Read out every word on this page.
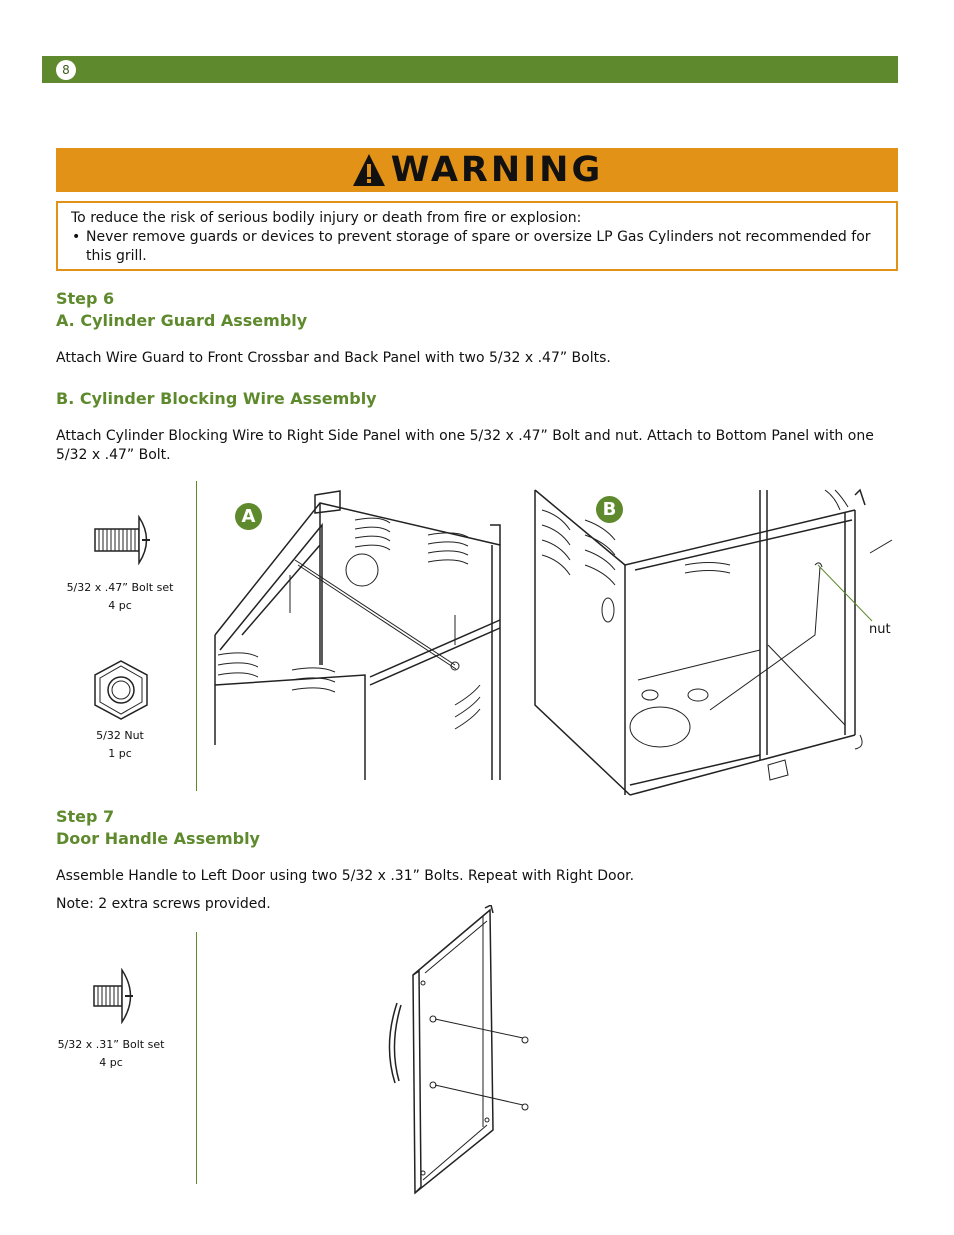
8
WARNING
To reduce the risk of serious bodily injury or death from fire or explosion:
• Never remove guards or devices to prevent storage of spare or oversize LP Gas Cylinders not recommended for this grill.
Step 6
A. Cylinder Guard Assembly
Attach Wire Guard to Front Crossbar and Back Panel with two 5/32 x .47” Bolts.
B. Cylinder Blocking Wire Assembly
Attach Cylinder Blocking Wire to Right Side Panel with one 5/32 x .47” Bolt and nut. Attach to Bottom Panel with one 5/32 x .47” Bolt.
5/32 x .47” Bolt set
4 pc
5/32 Nut
1 pc
A	B
nut
Step 7
Door Handle Assembly
Assemble Handle to Left Door using two 5/32 x .31” Bolts. Repeat with Right Door.
Note: 2 extra screws provided.
5/32 x .31” Bolt set
4 pc
